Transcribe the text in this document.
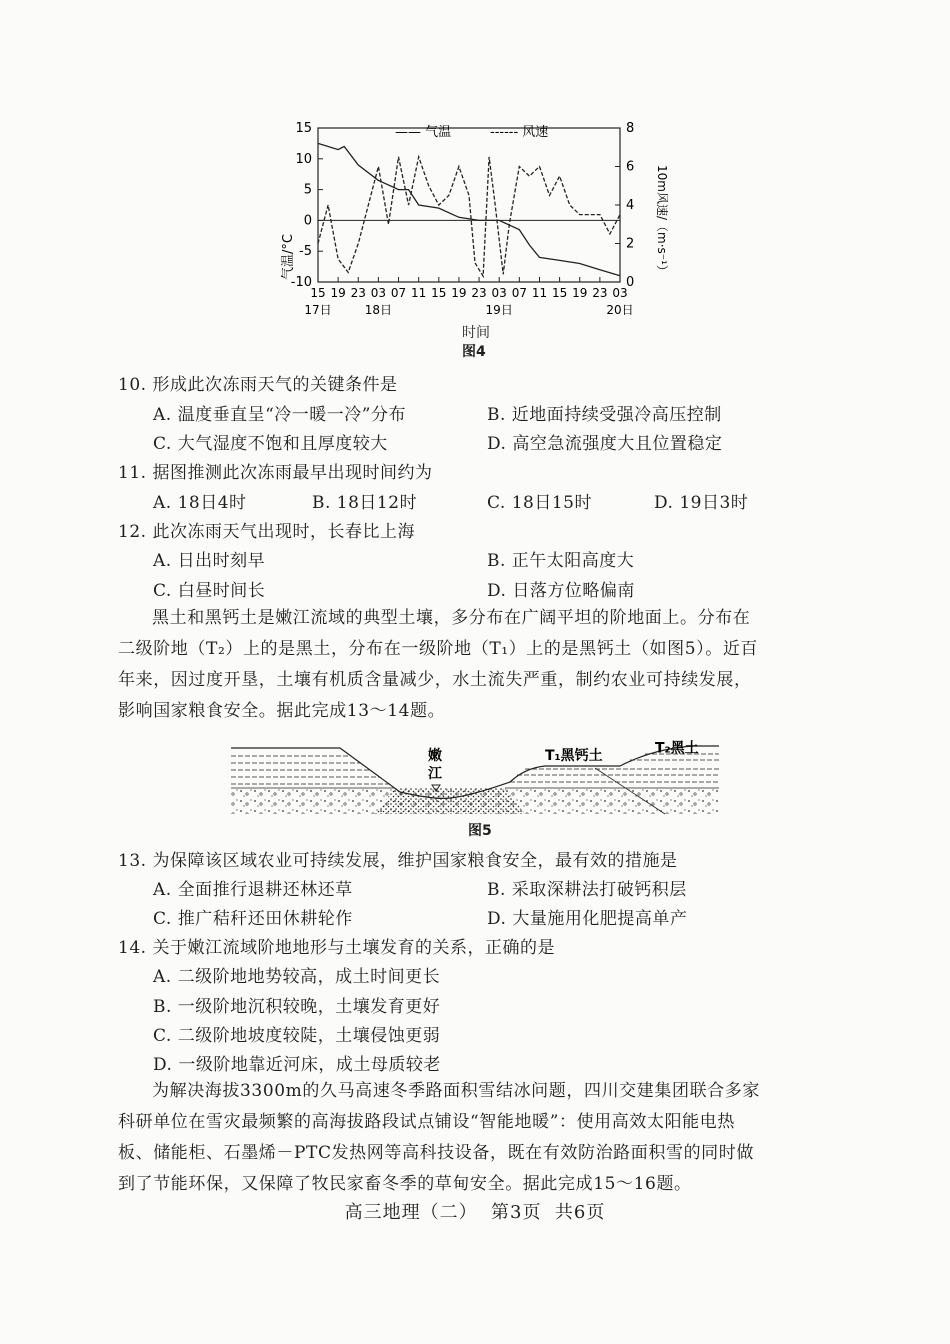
15
10
5
0
-5
-10
8
6
4
2
0
15 19 23 03 07 11 15 19 23 03 07 11 15 19 23 03
17日	18日	19日	20日
—— 气温	------ 风速
气温/°C	10m风速/（m·s⁻¹）
时间
图4
10. 形成此次冻雨天气的关键条件是
A. 温度垂直呈“冷一暖一冷”分布	B. 近地面持续受强冷高压控制
C. 大气湿度不饱和且厚度较大	D. 高空急流强度大且位置稳定
11. 据图推测此次冻雨最早出现时间约为
A. 18日4时	B. 18日12时	C. 18日15时	D. 19日3时
12. 此次冻雨天气出现时，长春比上海
A. 日出时刻早	B. 正午太阳高度大
C. 白昼时间长	D. 日落方位略偏南
黑土和黑钙土是嫩江流域的典型土壤，多分布在广阔平坦的阶地面上。分布在
二级阶地（T₂）上的是黑土，分布在一级阶地（T₁）上的是黑钙土（如图5）。近百
年来，因过度开垦，土壤有机质含量减少，水土流失严重，制约农业可持续发展，
影响国家粮食安全。据此完成13～14题。
嫩
江
T₁黑钙土	T₂黑土
图5
13. 为保障该区域农业可持续发展，维护国家粮食安全，最有效的措施是
A. 全面推行退耕还林还草	B. 采取深耕法打破钙积层
C. 推广秸秆还田休耕轮作	D. 大量施用化肥提高单产
14. 关于嫩江流域阶地地形与土壤发育的关系，正确的是
A. 二级阶地地势较高，成土时间更长
B. 一级阶地沉积较晚，土壤发育更好
C. 二级阶地坡度较陡，土壤侵蚀更弱
D. 一级阶地靠近河床，成土母质较老
为解决海拔3300m的久马高速冬季路面积雪结冰问题，四川交建集团联合多家
科研单位在雪灾最频繁的高海拔路段试点铺设“智能地暖”：使用高效太阳能电热
板、储能柜、石墨烯－PTC发热网等高科技设备，既在有效防治路面积雪的同时做
到了节能环保，又保障了牧民家畜冬季的草甸安全。据此完成15～16题。
高三地理（二）  第3页  共6页
